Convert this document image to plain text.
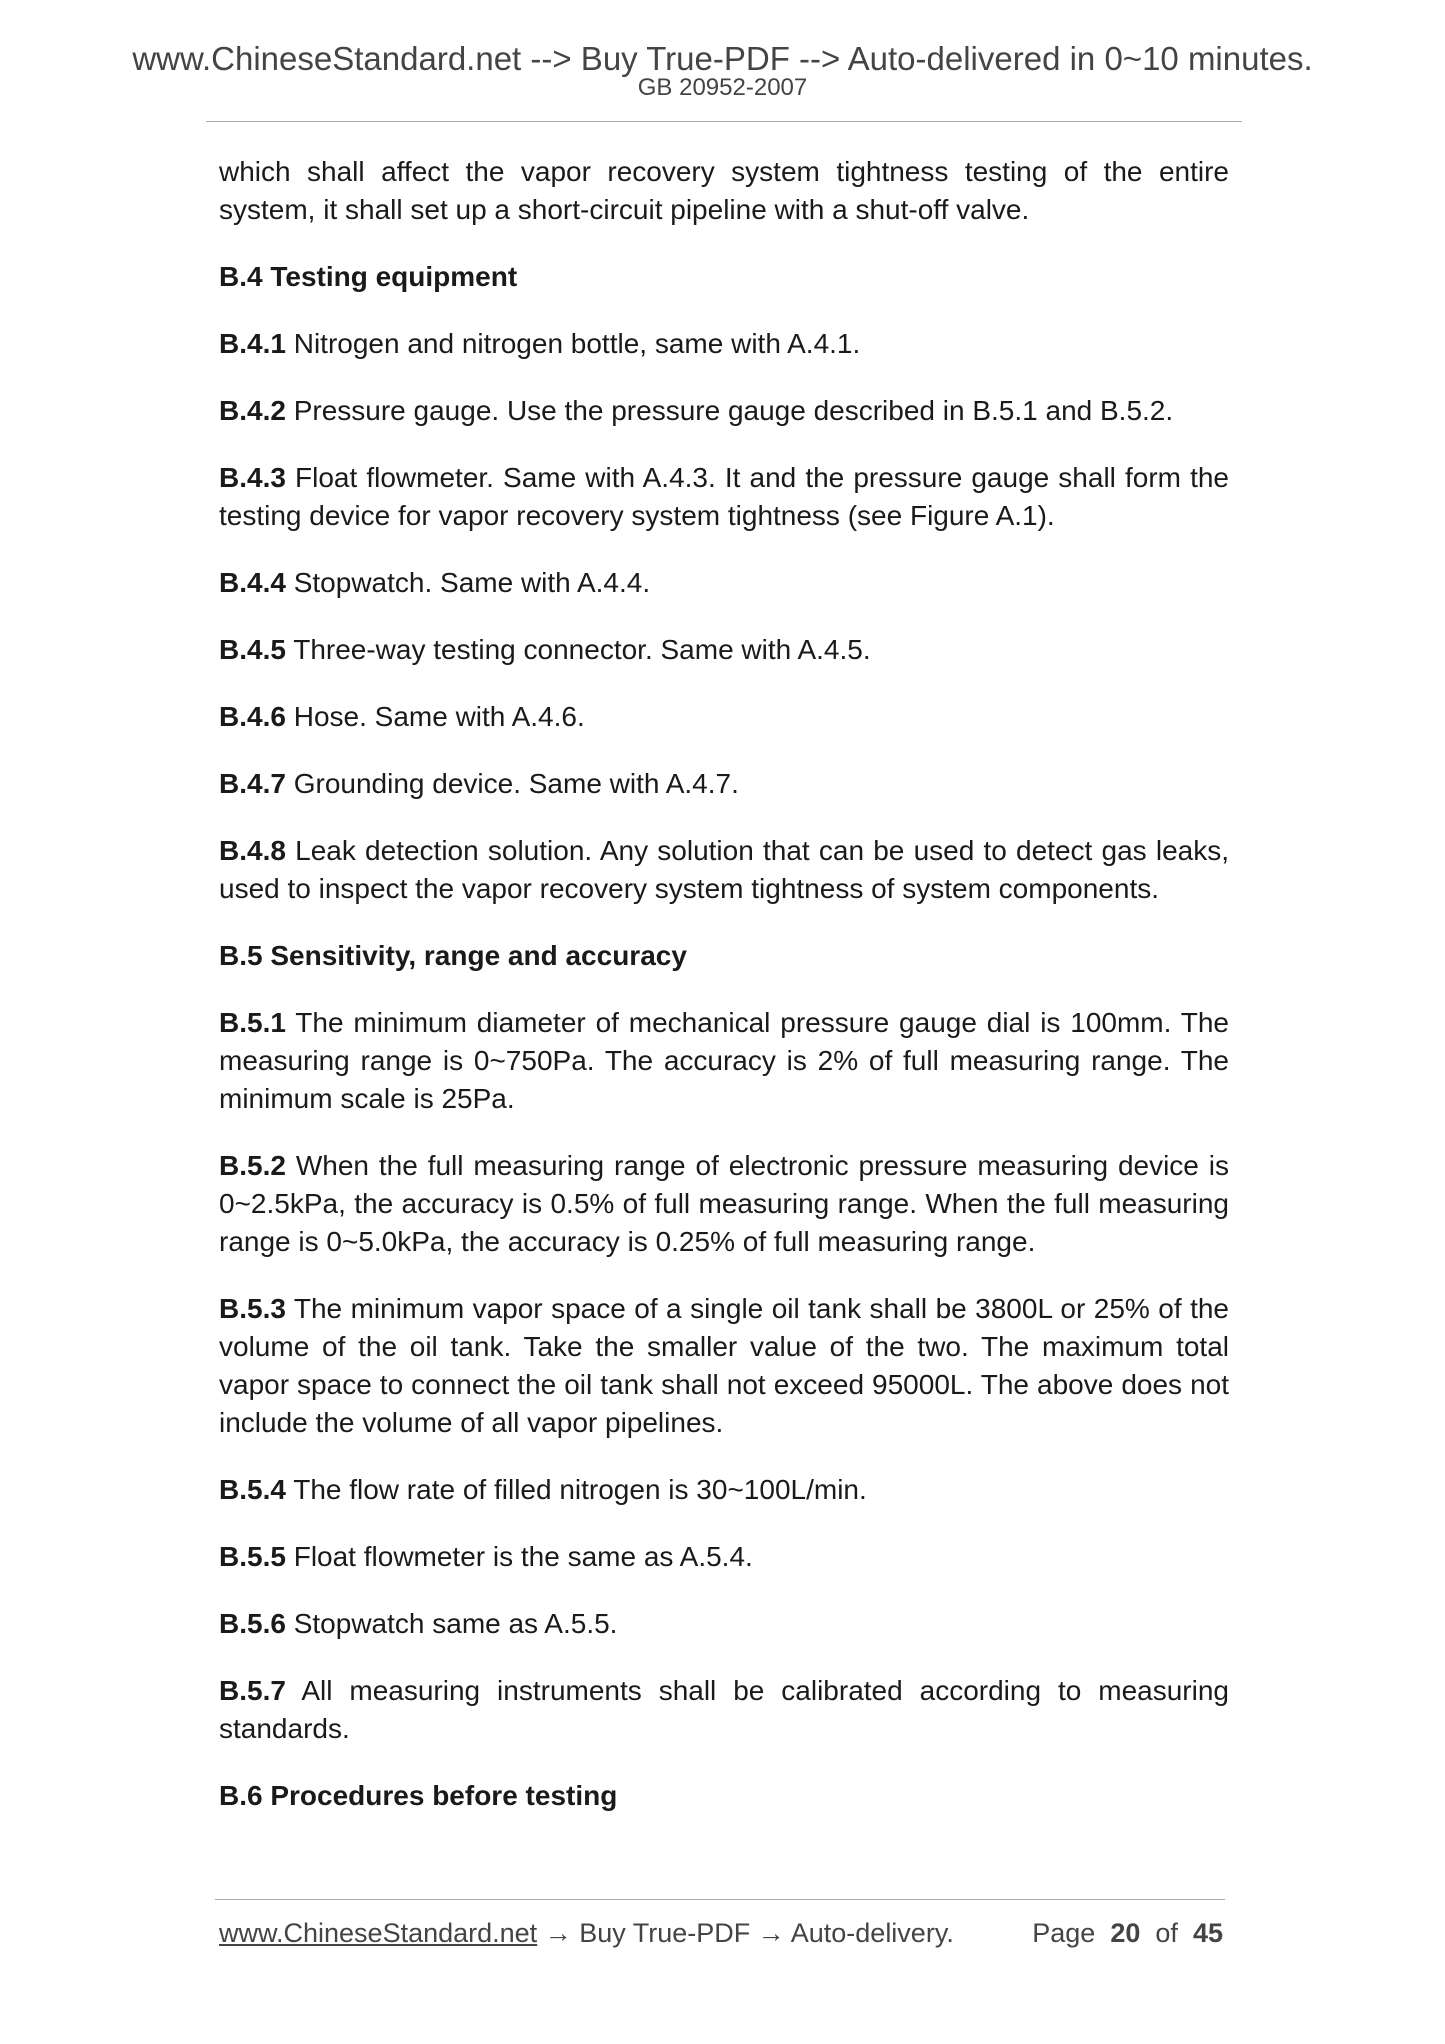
www.ChineseStandard.net --> Buy True-PDF --> Auto-delivered in 0~10 minutes.
GB 20952-2007

which shall affect the vapor recovery system tightness testing of the entire system, it shall set up a short-circuit pipeline with a shut-off valve.

B.4 Testing equipment

B.4.1 Nitrogen and nitrogen bottle, same with A.4.1.

B.4.2 Pressure gauge. Use the pressure gauge described in B.5.1 and B.5.2.

B.4.3 Float flowmeter. Same with A.4.3. It and the pressure gauge shall form the testing device for vapor recovery system tightness (see Figure A.1).

B.4.4 Stopwatch. Same with A.4.4.

B.4.5 Three-way testing connector. Same with A.4.5.

B.4.6 Hose. Same with A.4.6.

B.4.7 Grounding device. Same with A.4.7.

B.4.8 Leak detection solution. Any solution that can be used to detect gas leaks, used to inspect the vapor recovery system tightness of system components.

B.5 Sensitivity, range and accuracy

B.5.1 The minimum diameter of mechanical pressure gauge dial is 100mm. The measuring range is 0~750Pa. The accuracy is 2% of full measuring range. The minimum scale is 25Pa.

B.5.2 When the full measuring range of electronic pressure measuring device is 0~2.5kPa, the accuracy is 0.5% of full measuring range. When the full measuring range is 0~5.0kPa, the accuracy is 0.25% of full measuring range.

B.5.3 The minimum vapor space of a single oil tank shall be 3800L or 25% of the volume of the oil tank. Take the smaller value of the two. The maximum total vapor space to connect the oil tank shall not exceed 95000L. The above does not include the volume of all vapor pipelines.

B.5.4 The flow rate of filled nitrogen is 30~100L/min.

B.5.5 Float flowmeter is the same as A.5.4.

B.5.6 Stopwatch same as A.5.5.

B.5.7 All measuring instruments shall be calibrated according to measuring standards.

B.6 Procedures before testing

www.ChineseStandard.net → Buy True-PDF → Auto-delivery.	Page 20 of 45
